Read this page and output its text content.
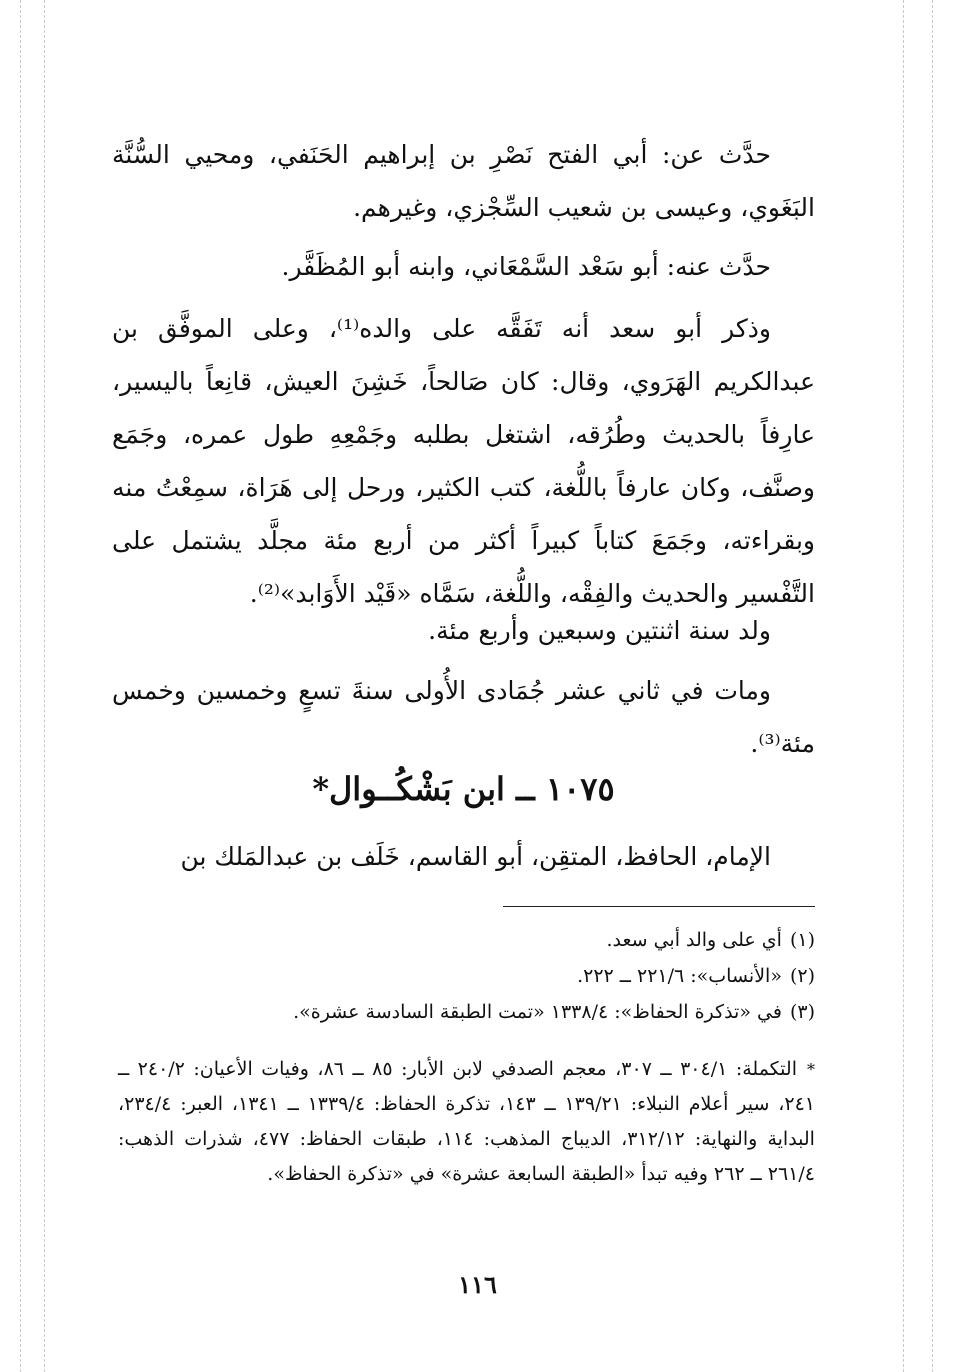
حدَّث عن: أبي الفتح نَصْرِ بن إبراهيم الحَنَفي، ومحيي السُّنَّة البَغَوي، وعيسى بن شعيب السِّجْزي، وغيرهم.

حدَّث عنه: أبو سَعْد السَّمْعَاني، وابنه أبو المُظَفَّر.

وذكر أبو سعد أنه تَفَقَّه على والده⁽¹⁾، وعلى الموفَّق بن عبدالكريم الهَرَوي، وقال: كان صَالحاً، خَشِنَ العيش، قانِعاً باليسير، عارِفاً بالحديث وطُرُقه، اشتغل بطلبه وجَمْعِهِ طول عمره، وجَمَع وصنَّف، وكان عارفاً باللُّغة، كتب الكثير، ورحل إلى هَرَاة، سمِعْتُ منه وبقراءته، وجَمَعَ كتاباً كبيراً أكثر من أربع مئة مجلَّد يشتمل على التَّفْسير والحديث والفِقْه، واللُّغة، سَمَّاه «قَيْد الأَوَابد»⁽²⁾.

ولد سنة اثنتين وسبعين وأربع مئة.

ومات في ثاني عشر جُمَادى الأُولى سنةَ تسعٍ وخمسين وخمس مئة⁽³⁾.

١٠٧٥ ــ ابن بَشْكُــوال*

الإمام، الحافظ، المتقِن، أبو القاسم، خَلَف بن عبدالمَلك بن

(١)أي على والد أبي سعد.
(٢)«الأنساب»: ٢٢١/٦ ــ ٢٢٢.
(٣)في «تذكرة الحفاظ»: ١٣٣٨/٤ «تمت الطبقة السادسة عشرة».

*التكملة: ٣٠٤/١ ــ ٣٠٧، معجم الصدفي لابن الأبار: ٨٥ ــ ٨٦، وفيات الأعيان: ٢٤٠/٢ ــ ٢٤١، سير أعلام النبلاء: ١٣٩/٢١ ــ ١٤٣، تذكرة الحفاظ: ١٣٣٩/٤ ــ ١٣٤١، العبر: ٢٣٤/٤، البداية والنهاية: ٣١٢/١٢، الديباج المذهب: ١١٤، طبقات الحفاظ: ٤٧٧، شذرات الذهب: ٢٦١/٤ ــ ٢٦٢ وفيه تبدأ «الطبقة السابعة عشرة» في «تذكرة الحفاظ».

١١٦
